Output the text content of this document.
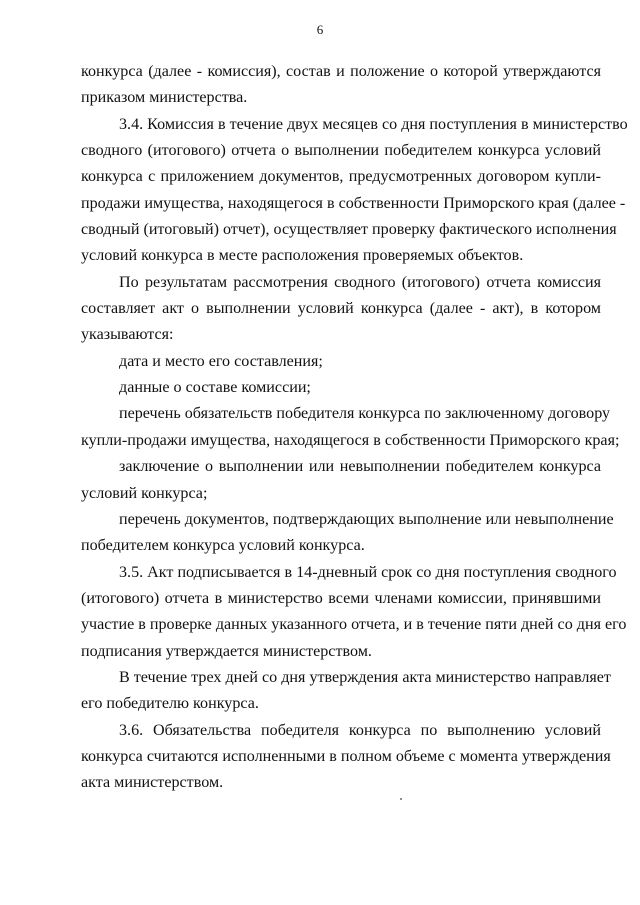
6
конкурса (далее - комиссия), состав и положение о которой утверждаются
приказом министерства.
3.4. Комиссия в течение двух месяцев со дня поступления в министерство
сводного (итогового) отчета о выполнении победителем конкурса условий
конкурса с приложением документов, предусмотренных договором купли-
продажи имущества, находящегося в собственности Приморского края (далее -
сводный (итоговый) отчет), осуществляет проверку фактического исполнения
условий конкурса в месте расположения проверяемых объектов.
По результатам рассмотрения сводного (итогового) отчета комиссия
составляет акт о выполнении условий конкурса (далее - акт), в котором
указываются:
дата и место его составления;
данные о составе комиссии;
перечень обязательств победителя конкурса по заключенному договору
купли-продажи имущества, находящегося в собственности Приморского края;
заключение о выполнении или невыполнении победителем конкурса
условий конкурса;
перечень документов, подтверждающих выполнение или невыполнение
победителем конкурса условий конкурса.
3.5. Акт подписывается в 14-дневный срок со дня поступления сводного
(итогового) отчета в министерство всеми членами комиссии, принявшими
участие в проверке данных указанного отчета, и в течение пяти дней со дня его
подписания утверждается министерством.
В течение трех дней со дня утверждения акта министерство направляет
его победителю конкурса.
3.6. Обязательства победителя конкурса по выполнению условий
конкурса считаются исполненными в полном объеме с момента утверждения
акта министерством.
